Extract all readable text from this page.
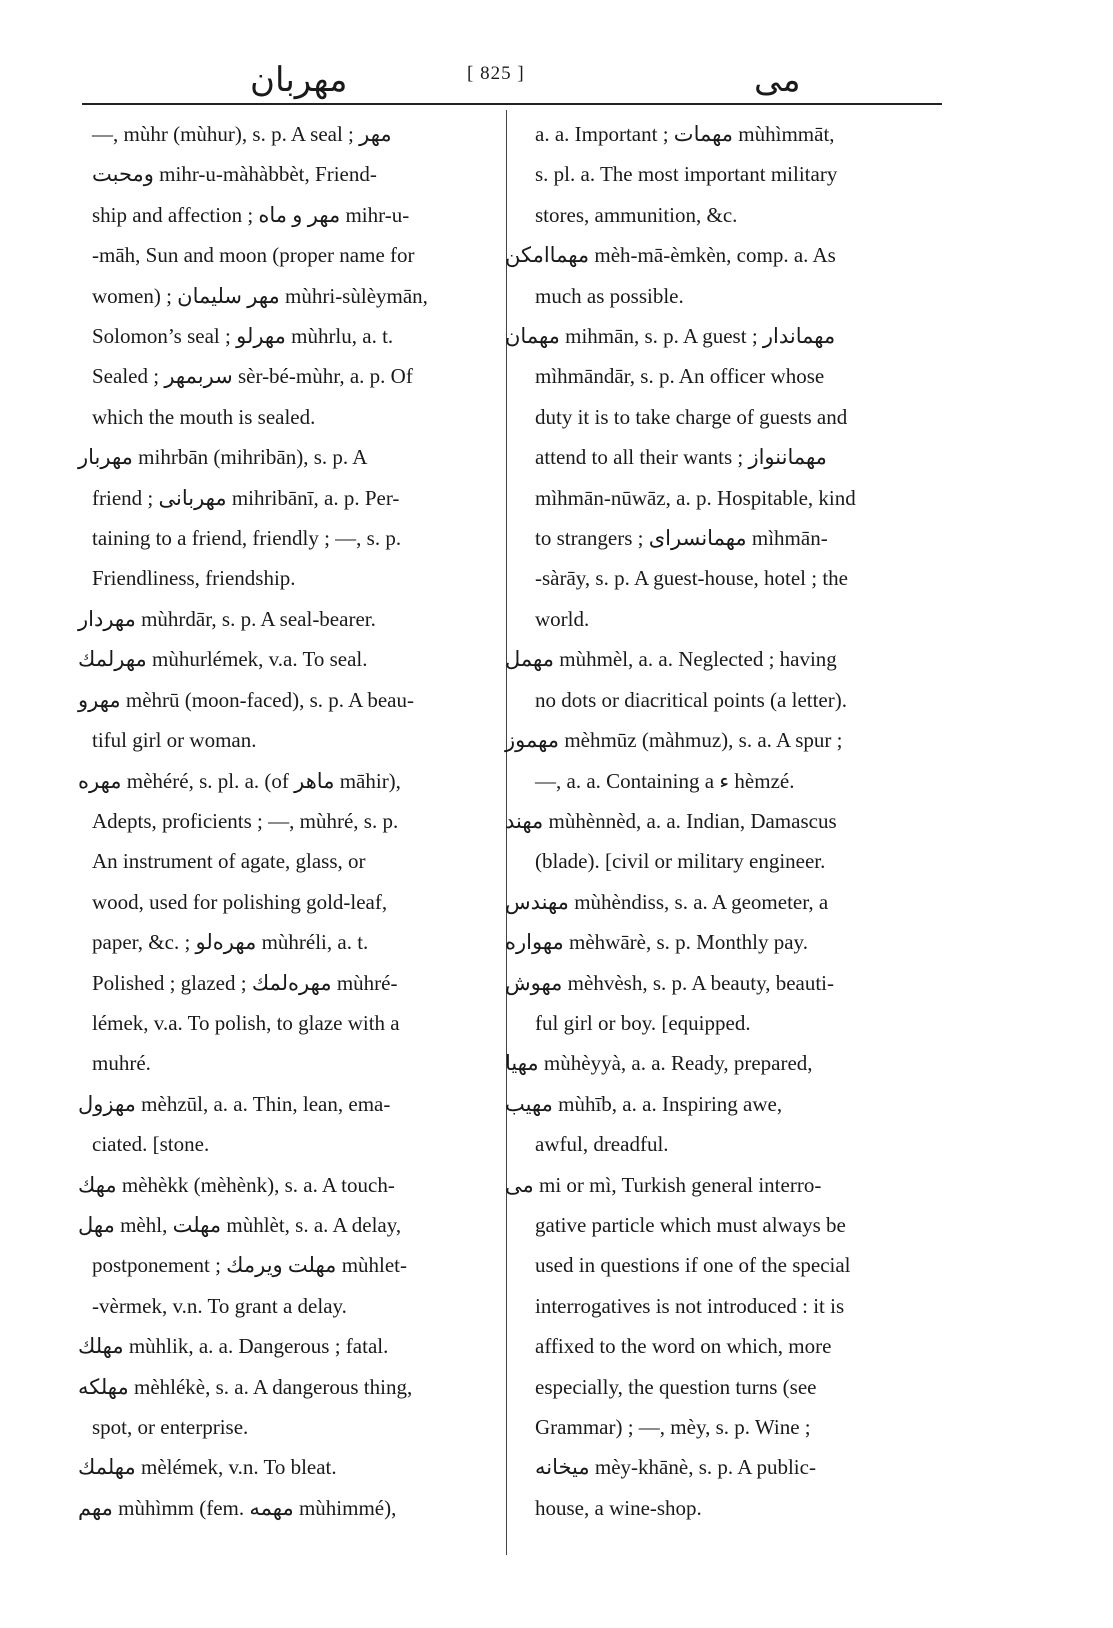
مهربان	[ 825 ]	مى
—, mùhr (mùhur), s. p. A seal ; مهر
ومحبت mihr-u-màhàbbèt, Friend-
ship and affection ; مهر و ماه mihr-u-
-māh, Sun and moon (proper name for
women) ; مهر سليمان mùhri-sùlèymān,
Solomon’s seal ; مهرلو mùhrlu, a. t.
Sealed ; سربمهر sèr-bé-mùhr, a. p. Of
which the mouth is sealed.
مهربار mihrbān (mihribān), s. p. A
friend ; مهربانى mihribānī, a. p. Per-
taining to a friend, friendly ; —, s. p.
Friendliness, friendship.
مهردار mùhrdār, s. p. A seal-bearer.
مهرلمك mùhurlémek, v.a. To seal.
مهرو mèhrū (moon-faced), s. p. A beau-
tiful girl or woman.
مهره mèhéré, s. pl. a. (of ماهر māhir),
Adepts, proficients ; —, mùhré, s. p.
An instrument of agate, glass, or
wood, used for polishing gold-leaf,
paper, &c. ; مهره‌لو mùhréli, a. t.
Polished ; glazed ; مهره‌لمك mùhré-
lémek, v.a. To polish, to glaze with a
muhré.
مهزول mèhzūl, a. a. Thin, lean, ema-
ciated. [stone.
مهك mèhèkk (mèhènk), s. a. A touch-
مهل mèhl, مهلت mùhlèt, s. a. A delay,
postponement ; مهلت ويرمك mùhlet-
-vèrmek, v.n. To grant a delay.
مهلك mùhlik, a. a. Dangerous ; fatal.
مهلكه mèhlékè, s. a. A dangerous thing,
spot, or enterprise.
مهلمك mèlémek, v.n. To bleat.
مهم mùhìmm (fem. مهمه mùhimmé),
a. a. Important ; مهمات mùhìmmāt,
s. pl. a. The most important military
stores, ammunition, &c.
مهماامكن mèh-mā-èmkèn, comp. a. As
much as possible.
مهمان mihmān, s. p. A guest ; مهماندار
mìhmāndār, s. p. An officer whose
duty it is to take charge of guests and
attend to all their wants ; مهماننواز
mìhmān-nūwāz, a. p. Hospitable, kind
to strangers ; مهمانسراى mìhmān-
-sàrāy, s. p. A guest-house, hotel ; the
world.
مهمل mùhmèl, a. a. Neglected ; having
no dots or diacritical points (a letter).
مهموز mèhmūz (màhmuz), s. a. A spur ;
—, a. a. Containing a ء hèmzé.
مهند mùhènnèd, a. a. Indian, Damascus
(blade). [civil or military engineer.
مهندس mùhèndiss, s. a. A geometer, a
مهواره mèhwārè, s. p. Monthly pay.
مهوش mèhvèsh, s. p. A beauty, beauti-
ful girl or boy. [equipped.
مهيا mùhèyyà, a. a. Ready, prepared,
مهيب mùhīb, a. a. Inspiring awe,
awful, dreadful.
مى mi or mì, Turkish general interro-
gative particle which must always be
used in questions if one of the special
interrogatives is not introduced : it is
affixed to the word on which, more
especially, the question turns (see
Grammar) ; —, mèy, s. p. Wine ;
ميخانه mèy-khānè, s. p. A public-
house, a wine-shop.
